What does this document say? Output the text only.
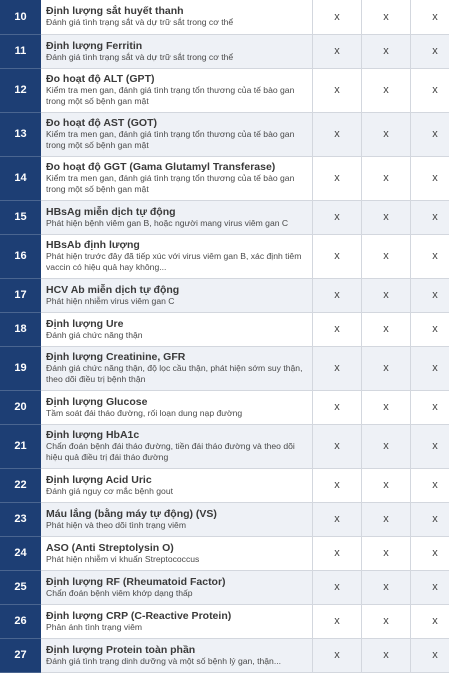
10	Định lượng sắt huyết thanh
Đánh giá tình trạng sắt và dự trữ sắt trong cơ thể	x	x	x
11	Định lượng Ferritin
Đánh giá tình trạng sắt và dự trữ sắt trong cơ thể	x	x	x
12	Đo hoạt độ ALT (GPT)
Kiểm tra men gan, đánh giá tình trạng tổn thương của tế bào gan trong một số bệnh gan mật	x	x	x
13	Đo hoạt độ AST (GOT)
Kiểm tra men gan, đánh giá tình trạng tổn thương của tế bào gan trong một số bệnh gan mật	x	x	x
14	Đo hoạt độ GGT (Gama Glutamyl Transferase)
Kiểm tra men gan, đánh giá tình trạng tổn thương của tế bào gan trong một số bệnh gan mật	x	x	x
15	HBsAg miễn dịch tự động
Phát hiện bệnh viêm gan B, hoặc người mang virus viêm gan C	x	x	x
16	HBsAb định lượng
Phát hiện trước đây đã tiếp xúc với virus viêm gan B, xác định tiêm vaccin có hiệu quả hay không...	x	x	x
17	HCV Ab miễn dịch tự động
Phát hiện nhiễm virus viêm gan C	x	x	x
18	Định lượng Ure
Đánh giá chức năng thận	x	x	x
19	Định lượng Creatinine, GFR
Đánh giá chức năng thận, độ lọc cầu thận, phát hiện sớm suy thận, theo dõi điều trị bệnh thận	x	x	x
20	Định lượng Glucose
Tầm soát đái tháo đường, rối loạn dung nạp đường	x	x	x
21	Định lượng HbA1c
Chẩn đoán bệnh đái tháo đường, tiền đái tháo đường và theo dõi hiệu quả điều trị đái tháo đường	x	x	x
22	Định lượng Acid Uric
Đánh giá nguy cơ mắc bệnh gout	x	x	x
23	Máu lắng (bằng máy tự động) (VS)
Phát hiện và theo dõi tình trạng viêm	x	x	x
24	ASO (Anti Streptolysin O)
Phát hiện nhiễm vi khuẩn Streptococcus	x	x	x
25	Định lượng RF (Rheumatoid Factor)
Chẩn đoán bệnh viêm khớp dạng thấp	x	x	x
26	Định lượng CRP (C-Reactive Protein)
Phản ánh tình trạng viêm	x	x	x
27	Định lượng Protein toàn phần
Đánh giá tình trạng dinh dưỡng và một số bệnh lý gan, thận...	x	x	x
